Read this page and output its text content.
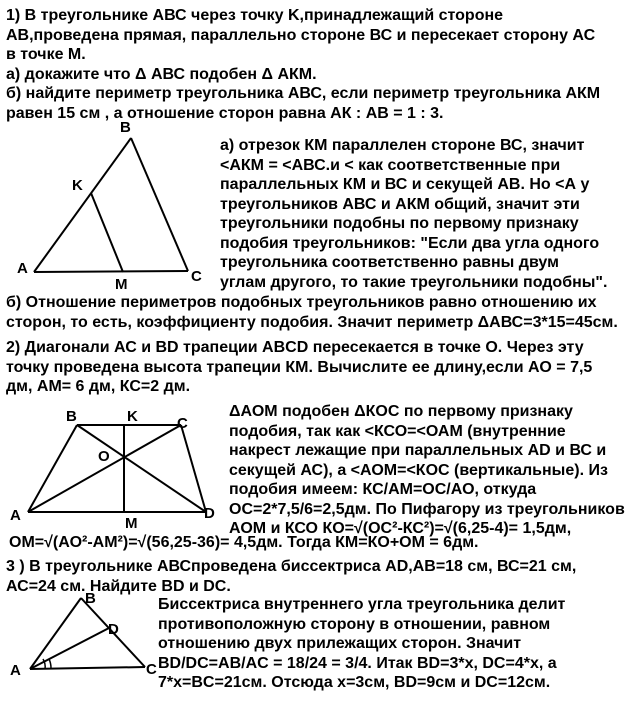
1) В треугольнике АВС через точку K,принадлежащий стороне
АВ,проведена прямая, параллельно стороне ВС и пересекает сторону АС
в точке М.
а) докажите что Δ АВС подобен Δ АКМ.
б) найдите периметр треугольника АВС, если периметр треугольника АКМ
равен 15 см , а отношение сторон равна АК : АВ = 1 : 3.
а) отрезок КМ параллелен стороне ВС, значит
<АКМ = <АВС.и < как соответственные при
параллельных КМ и ВС и секущей АВ. Но <А у
треугольников АВС и АКМ общий, значит эти
треугольники подобны по первому признаку
подобия треугольников: "Если два угла одного
треугольника соответственно равны двум
углам другого, то такие треугольники подобны".
б) Отношение периметров подобных треугольников равно отношению их
сторон, то есть, коэффициенту подобия. Значит периметр ΔАВС=3*15=45см.
2) Диагонали АС и BD трапеции ABCD пересекается в точке О. Через эту
точку проведена высота трапеции КМ. Вычислите ее длину,если АО = 7,5
дм, АМ= 6 дм, КС=2 дм.
ΔАОМ подобен ΔКОС по первому признаку
подобия, так как <КСО=<ОАМ (внутренние
накрест лежащие при параллельных AD и ВС и
секущей АС), а <АОМ=<КОС (вертикальные). Из
подобия имеем: КС/АМ=ОС/АО, откуда
ОС=2*7,5/6=2,5дм. По Пифагору из треугольников
АОМ и КСО КО=√(ОС²-КС²)=√(6,25-4)= 1,5дм,
ОМ=√(АО²-АМ²)=√(56,25-36)= 4,5дм. Тогда КМ=КО+ОМ = 6дм.
3 ) В треугольнике АВСпроведена биссектриса AD,АВ=18 см, ВС=21 см,
АС=24 см. Найдите BD и DC.
Биссектриса внутреннего угла треугольника делит
противоположную сторону в отношении, равном
отношению двух прилежащих сторон. Значит
BD/DC=AB/AC = 18/24 = 3/4. Итак BD=3*x, DC=4*x, а
7*x=BC=21см. Отсюда x=3см, BD=9см и DC=12см.
B
K
A
M	C
B	K	C
O
A	M
D
B
D
A	C
